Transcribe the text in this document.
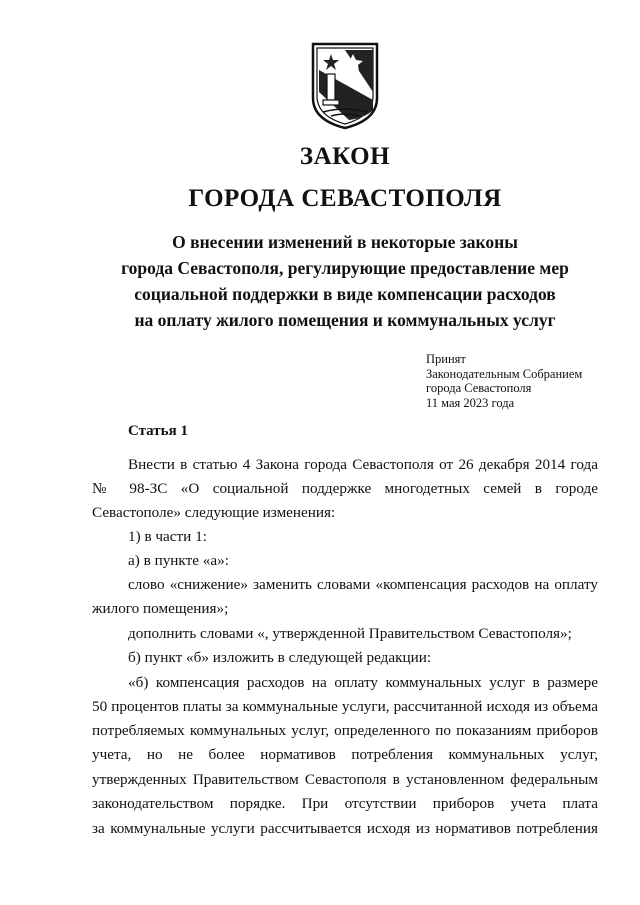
ЗАКОН
ГОРОДА СЕВАСТОПОЛЯ
О внесении изменений в некоторые законы
города Севастополя, регулирующие предоставление мер
социальной поддержки в виде компенсации расходов
на оплату жилого помещения и коммунальных услуг
Принят
Законодательным Собранием
города Севастополя
11 мая 2023 года
Статья 1
Внести в статью 4 Закона города Севастополя от 26 декабря 2014 года
№ 98-ЗС «О социальной поддержке многодетных семей в городе
Севастополе» следующие изменения:
1) в части 1:
а) в пункте «а»:
слово «снижение» заменить словами «компенсация расходов на оплату
жилого помещения»;
дополнить словами «, утвержденной Правительством Севастополя»;
б) пункт «б» изложить в следующей редакции:
«б) компенсация расходов на оплату коммунальных услуг в размере
50 процентов платы за коммунальные услуги, рассчитанной исходя из объема
потребляемых коммунальных услуг, определенного по показаниям приборов
учета, но не более нормативов потребления коммунальных услуг,
утвержденных Правительством Севастополя в установленном федеральным
законодательством порядке. При отсутствии приборов учета плата
за коммунальные услуги рассчитывается исходя из нормативов потребления
